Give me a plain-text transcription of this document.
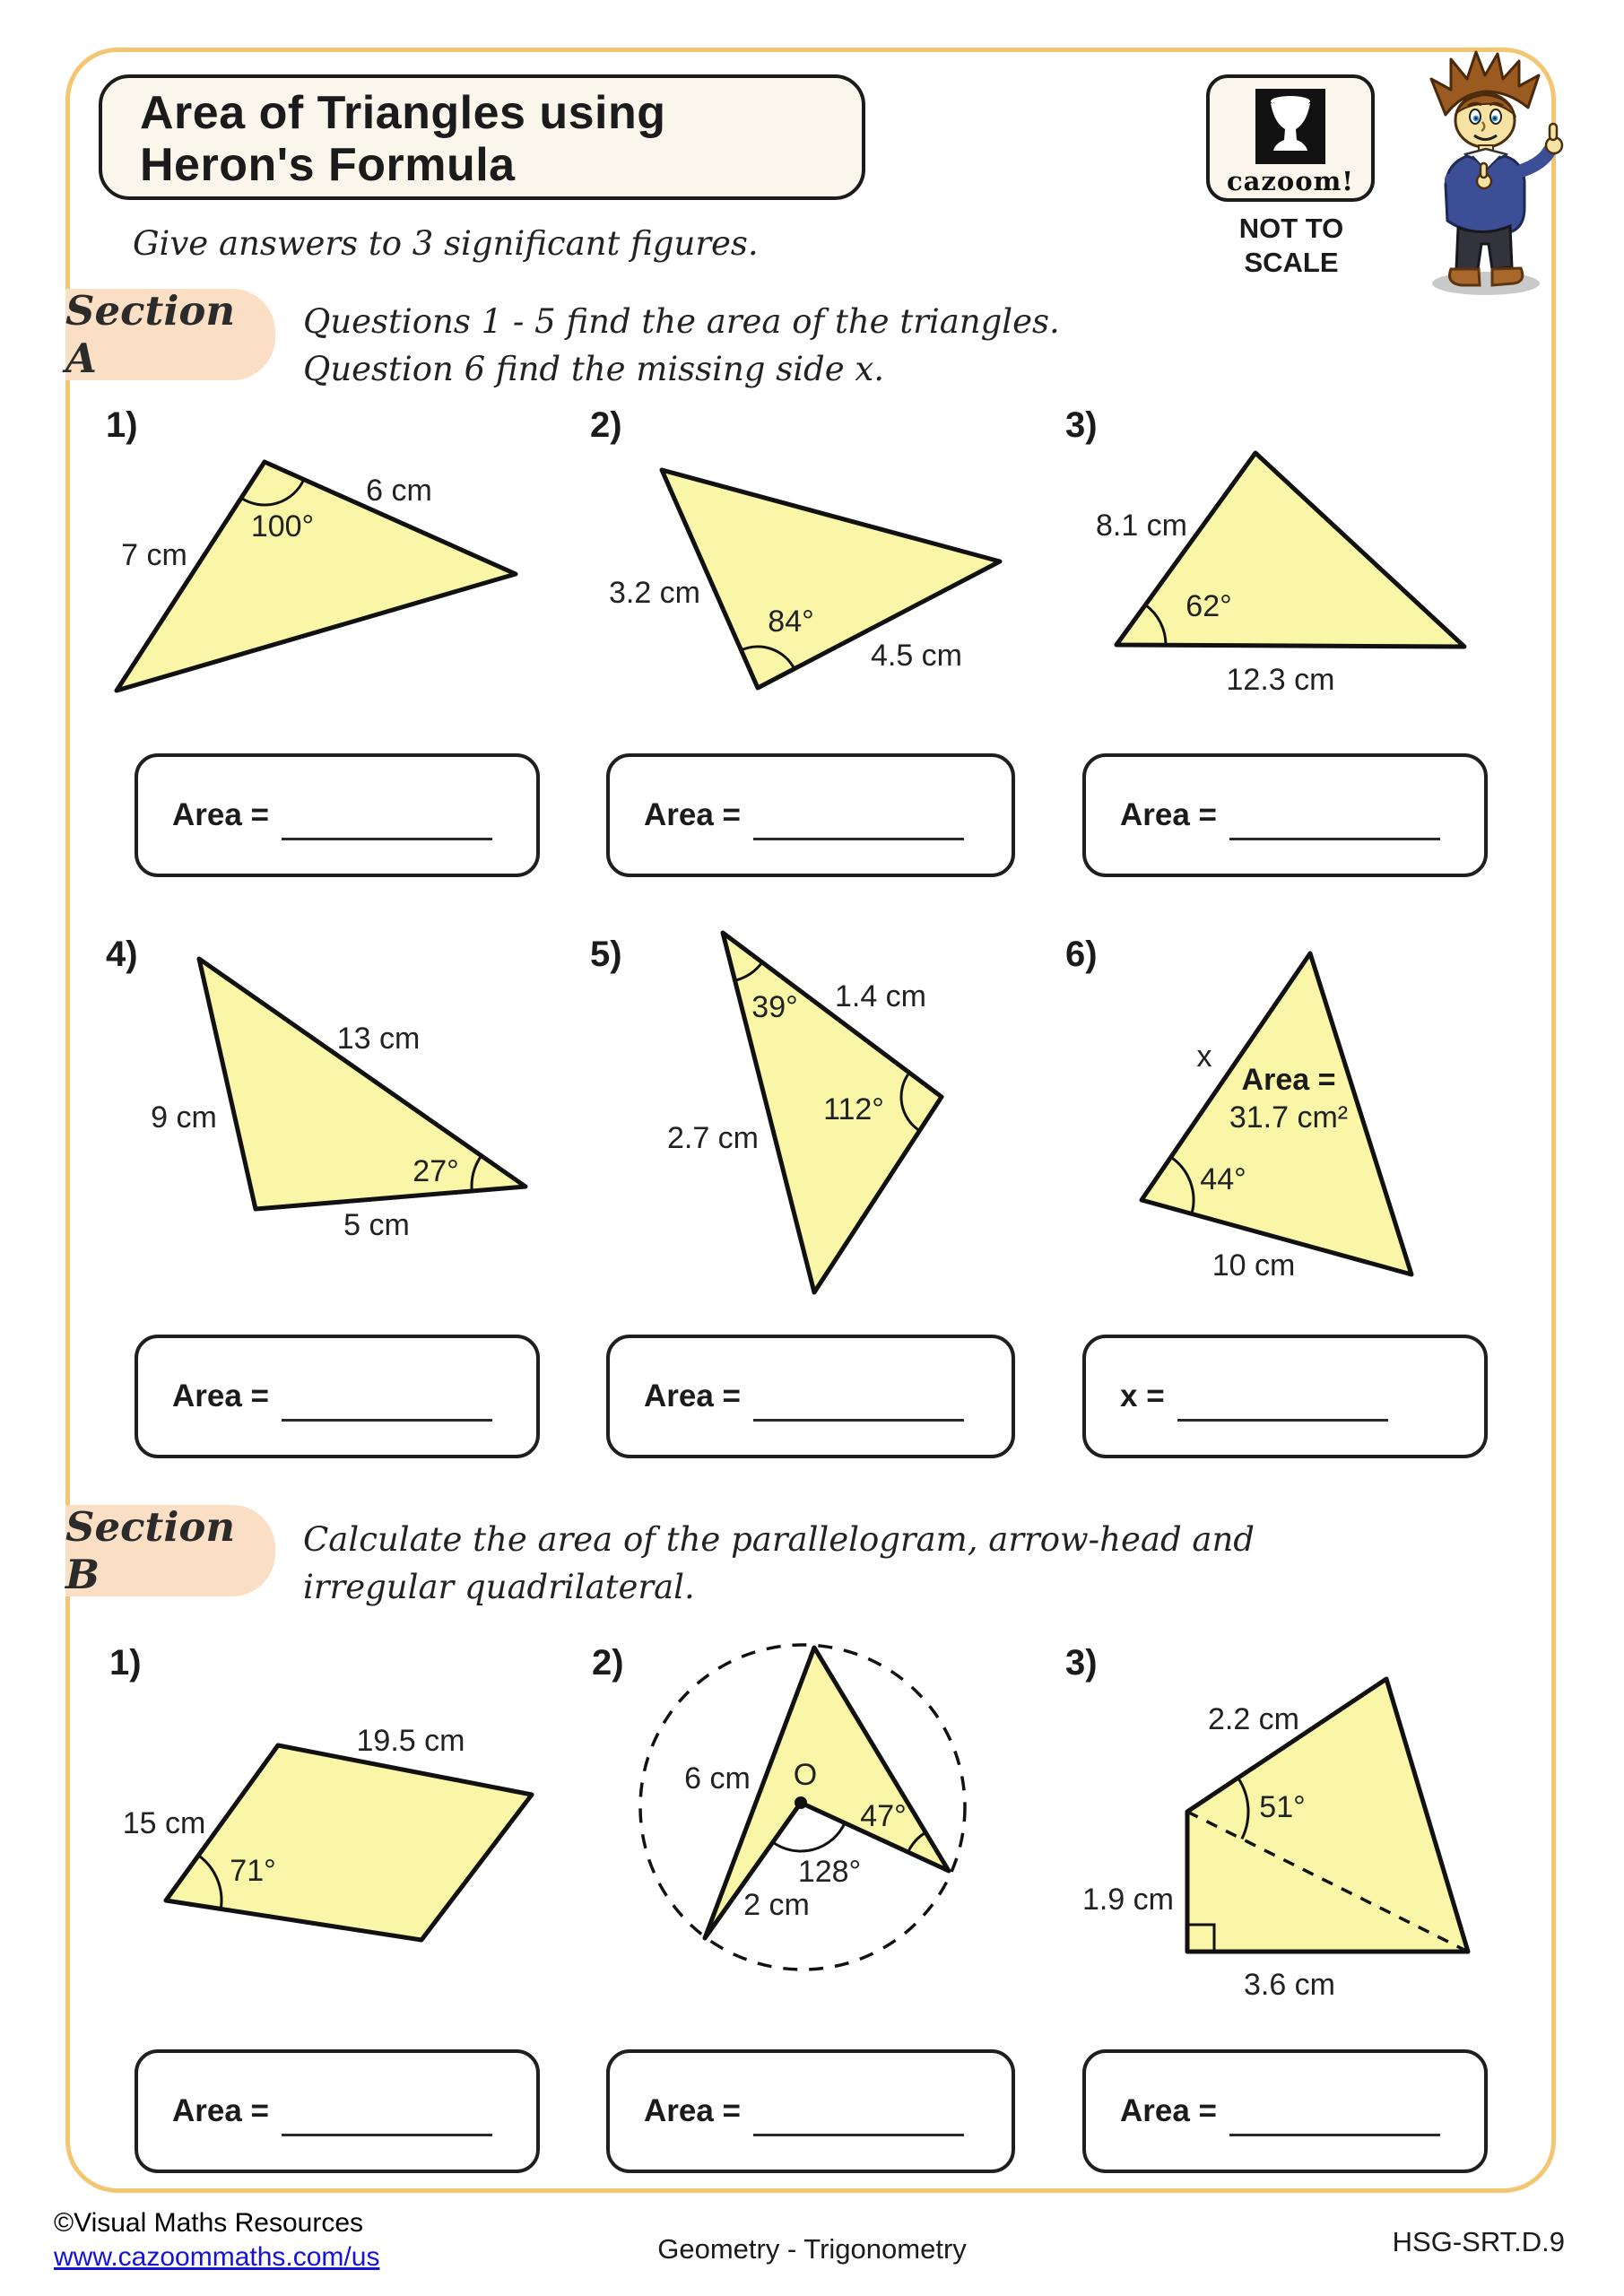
Area of Triangles using
Heron's Formula	cazoom!
NOT TO
SCALE
Give answers to 3 significant figures.
Section A
Questions 1 - 5 find the area of the triangles.
Question 6 find the missing side x.
1)	2)	3)
100°
6 cm
7 cm
3.2 cm
84°
4.5 cm
8.1 cm
62°
12.3 cm
Area =	Area =	Area =
4)	5)	6)
13 cm
9 cm
27°
5 cm
39° 1.4 cm
112°
2.7 cm
x
Area =
31.7 cm²
44°
10 cm
Area =	Area =	x =
Section B
Calculate the area of the parallelogram, arrow-head and
irregular quadrilateral.
1)	2)	3)
19.5 cm
15 cm
71°
6 cm O
47°
128°
2 cm
2.2 cm
51°
1.9 cm
3.6 cm
Area =	Area =	Area =
©Visual Maths Resources
www.cazoommaths.com/us	Geometry - Trigonometry	HSG-SRT.D.9
